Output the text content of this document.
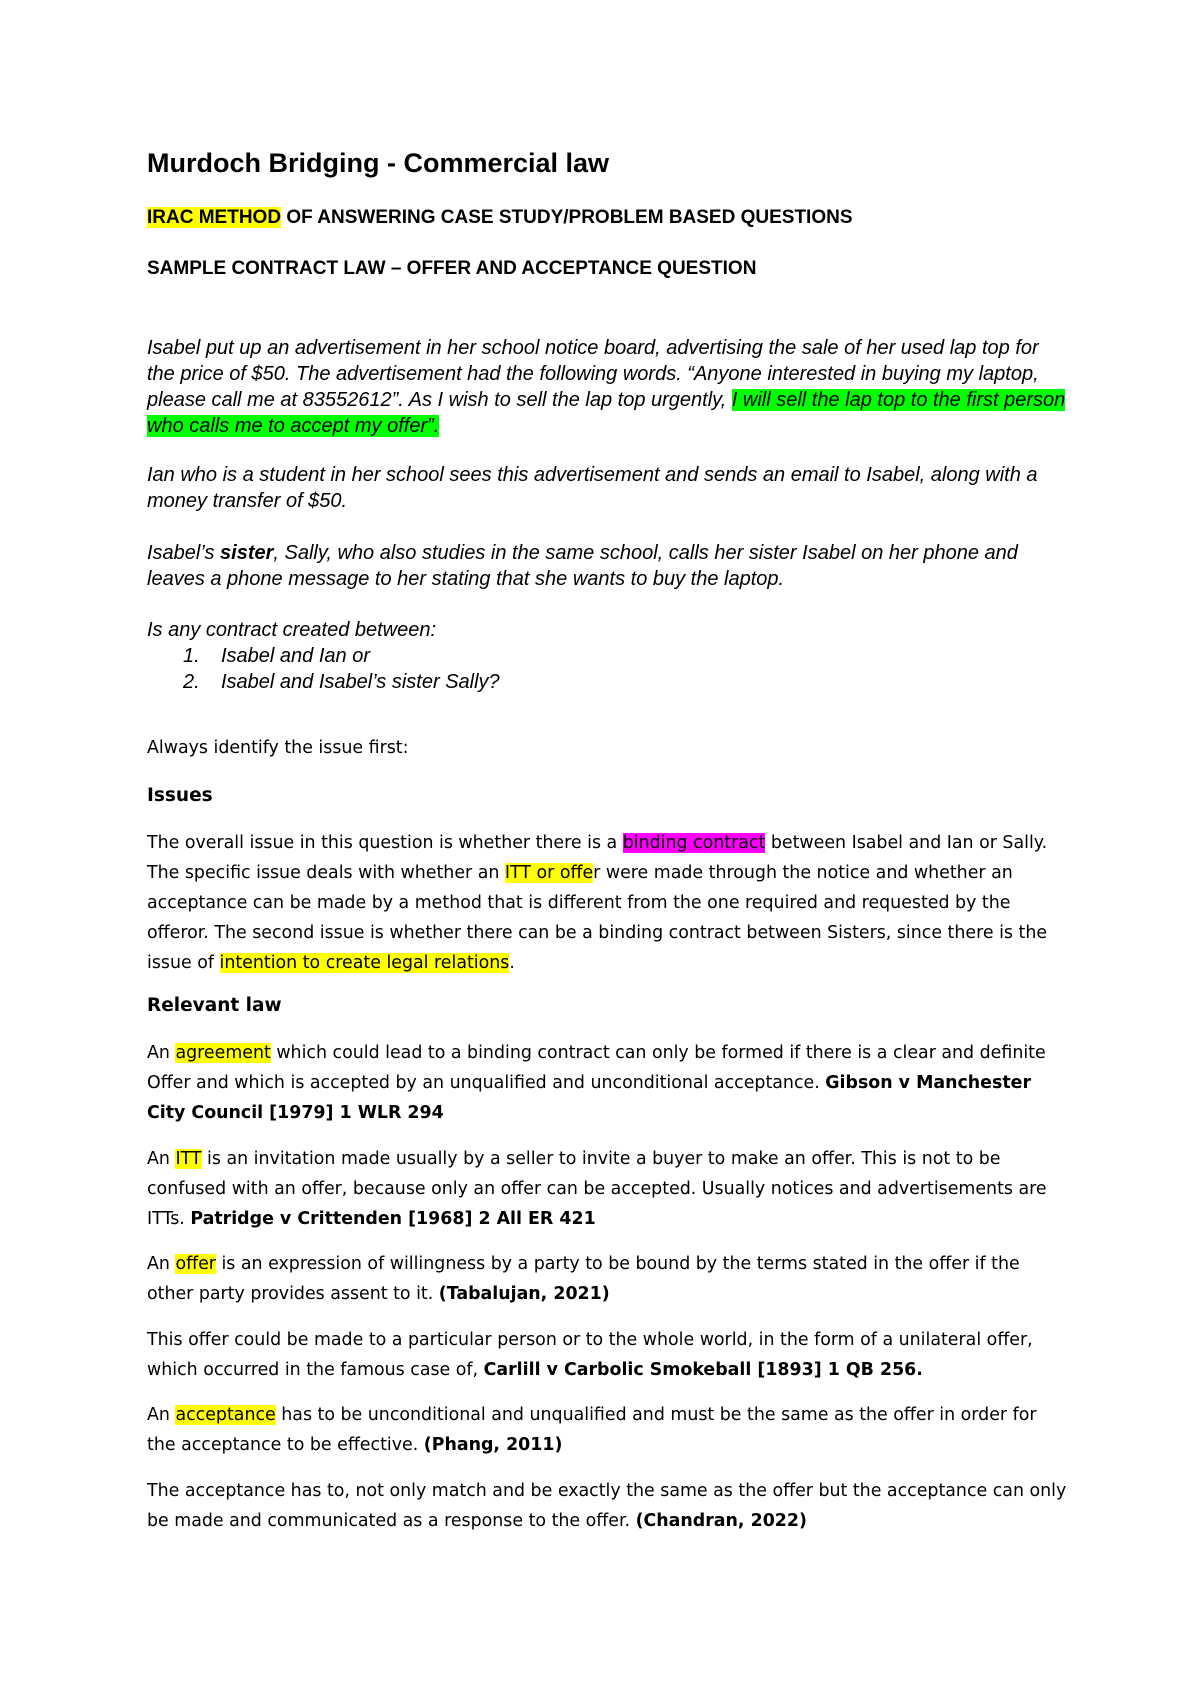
Murdoch Bridging - Commercial law
IRAC METHOD OF ANSWERING CASE STUDY/PROBLEM BASED QUESTIONS
SAMPLE CONTRACT LAW – OFFER AND ACCEPTANCE QUESTION
Isabel put up an advertisement in her school notice board, advertising the sale of her used lap top for the price of $50. The advertisement had the following words. “Anyone interested in buying my laptop, please call me at 83552612”. As I wish to sell the lap top urgently, I will sell the lap top to the first person who calls me to accept my offer”.
Ian who is a student in her school sees this advertisement and sends an email to Isabel, along with a money transfer of $50.
Isabel’s sister, Sally, who also studies in the same school, calls her sister Isabel on her phone and leaves a phone message to her stating that she wants to buy the laptop.
Is any contract created between:
1. Isabel and Ian or
2. Isabel and Isabel’s sister Sally?
Always identify the issue first:
Issues
The overall issue in this question is whether there is a binding contract between Isabel and Ian or Sally. The specific issue deals with whether an ITT or offer were made through the notice and whether an acceptance can be made by a method that is different from the one required and requested by the offeror. The second issue is whether there can be a binding contract between Sisters, since there is the issue of intention to create legal relations.
Relevant law
An agreement which could lead to a binding contract can only be formed if there is a clear and definite Offer and which is accepted by an unqualified and unconditional acceptance. Gibson v Manchester City Council [1979] 1 WLR 294
An ITT is an invitation made usually by a seller to invite a buyer to make an offer. This is not to be confused with an offer, because only an offer can be accepted. Usually notices and advertisements are ITTs. Patridge v Crittenden [1968] 2 All ER 421
An offer is an expression of willingness by a party to be bound by the terms stated in the offer if the other party provides assent to it. (Tabalujan, 2021)
This offer could be made to a particular person or to the whole world, in the form of a unilateral offer, which occurred in the famous case of, Carlill v Carbolic Smokeball [1893] 1 QB 256.
An acceptance has to be unconditional and unqualified and must be the same as the offer in order for the acceptance to be effective. (Phang, 2011)
The acceptance has to, not only match and be exactly the same as the offer but the acceptance can only be made and communicated as a response to the offer. (Chandran, 2022)
